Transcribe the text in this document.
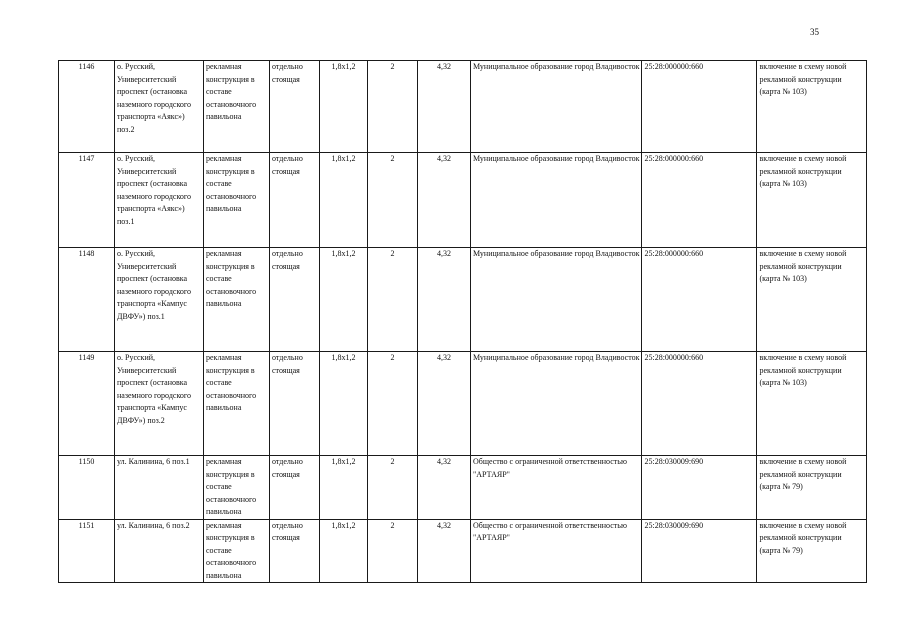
35
1146	о. Русский, Университетский проспект (остановка наземного городского транспорта «Аякс») поз.2	рекламная конструкция в составе остановочного павильона	отдельно стоящая	1,8x1,2	2	4,32	Муниципальное образование город Владивосток	25:28:000000:660	включение в схему новой рекламной конструкции (карта № 103)
1147	о. Русский, Университетский проспект (остановка наземного городского транспорта «Аякс») поз.1	рекламная конструкция в составе остановочного павильона	отдельно стоящая	1,8x1,2	2	4,32	Муниципальное образование город Владивосток	25:28:000000:660	включение в схему новой рекламной конструкции (карта № 103)
1148	о. Русский, Университетский проспект (остановка наземного городского транспорта «Кампус ДВФУ») поз.1	рекламная конструкция в составе остановочного павильона	отдельно стоящая	1,8x1,2	2	4,32	Муниципальное образование город Владивосток	25:28:000000:660	включение в схему новой рекламной конструкции (карта № 103)
1149	о. Русский, Университетский проспект (остановка наземного городского транспорта «Кампус ДВФУ») поз.2	рекламная конструкция в составе остановочного павильона	отдельно стоящая	1,8x1,2	2	4,32	Муниципальное образование город Владивосток	25:28:000000:660	включение в схему новой рекламной конструкции (карта № 103)
1150	ул. Калинина, 6 поз.1	рекламная конструкция в составе остановочного павильона	отдельно стоящая	1,8x1,2	2	4,32	Общество с ограниченной ответственностью "АРТАЯР"	25:28:030009:690	включение в схему новой рекламной конструкции (карта № 79)
1151	ул. Калинина, 6 поз.2	рекламная конструкция в составе остановочного павильона	отдельно стоящая	1,8x1,2	2	4,32	Общество с ограниченной ответственностью "АРТАЯР"	25:28:030009:690	включение в схему новой рекламной конструкции (карта № 79)
